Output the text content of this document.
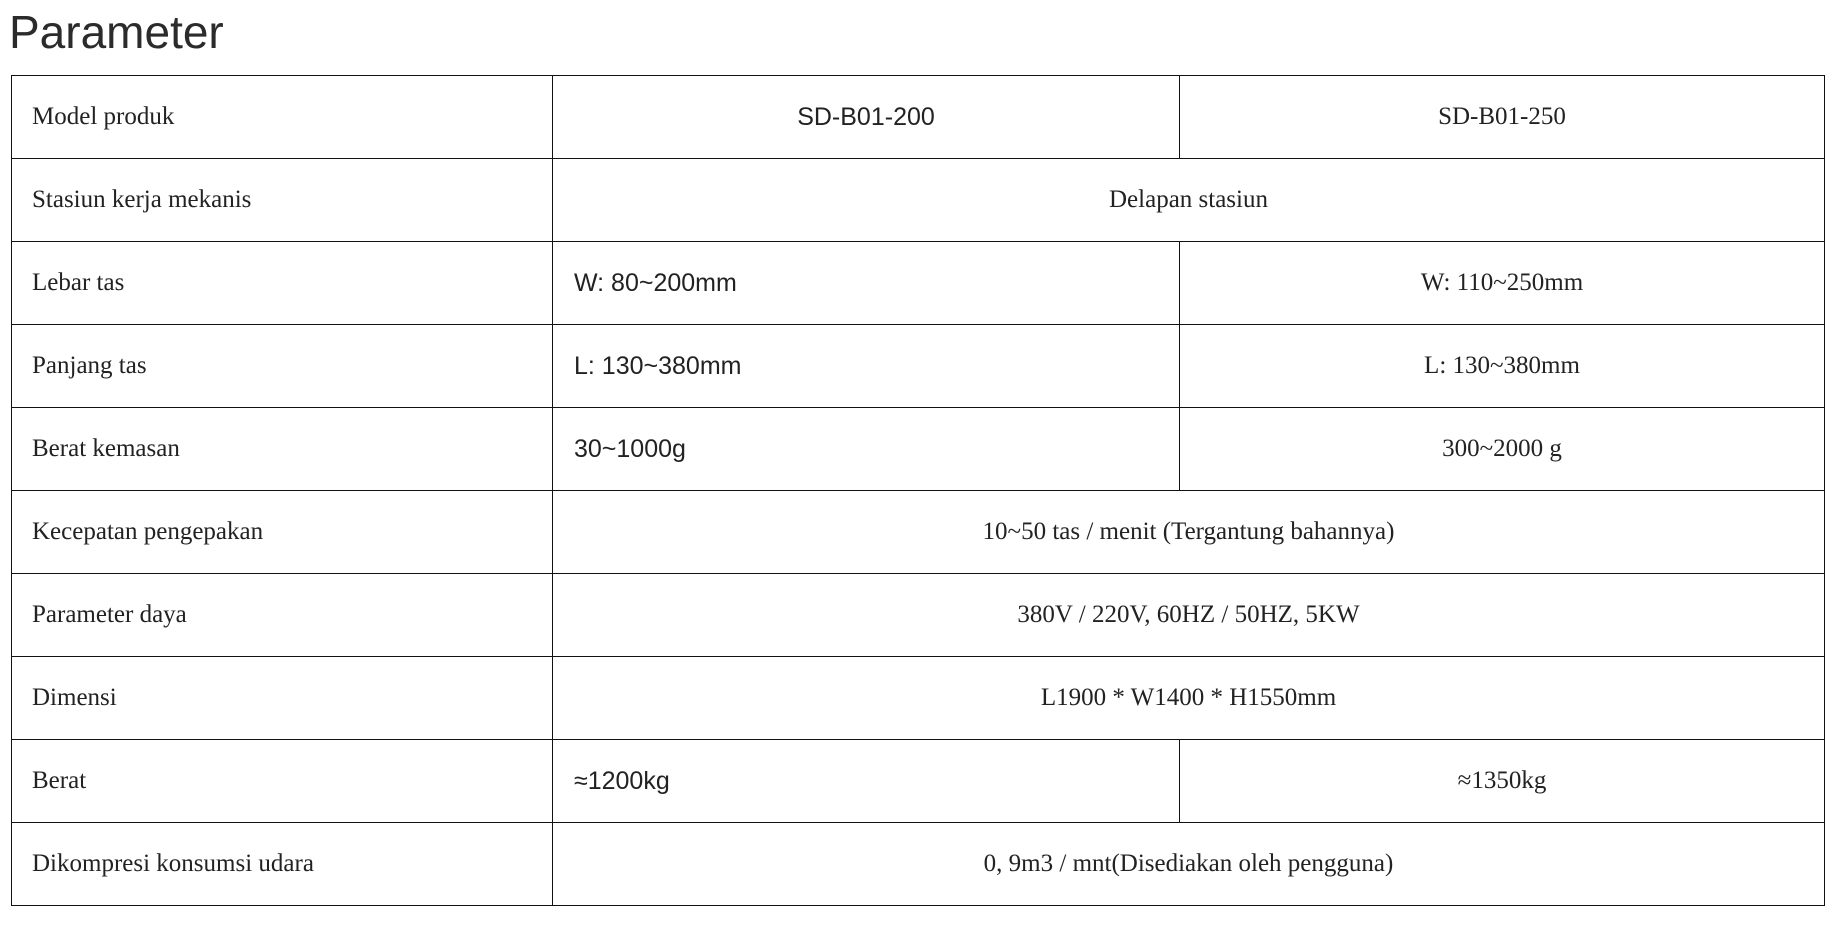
Parameter
Model produk	SD-B01-200	SD-B01-250
Stasiun kerja mekanis	Delapan stasiun	
Lebar tas	W: 80~200mm	W: 110~250mm
Panjang tas	L: 130~380mm	L: 130~380mm
Berat kemasan	30~1000g	300~2000 g
Kecepatan pengepakan	10~50 tas / menit (Tergantung bahannya)	
Parameter daya	380V / 220V, 60HZ / 50HZ, 5KW	
Dimensi	L1900 * W1400 * H1550mm	
Berat	≈1200kg	≈1350kg
Dikompresi konsumsi udara	0, 9m3 / mnt(Disediakan oleh pengguna)	
